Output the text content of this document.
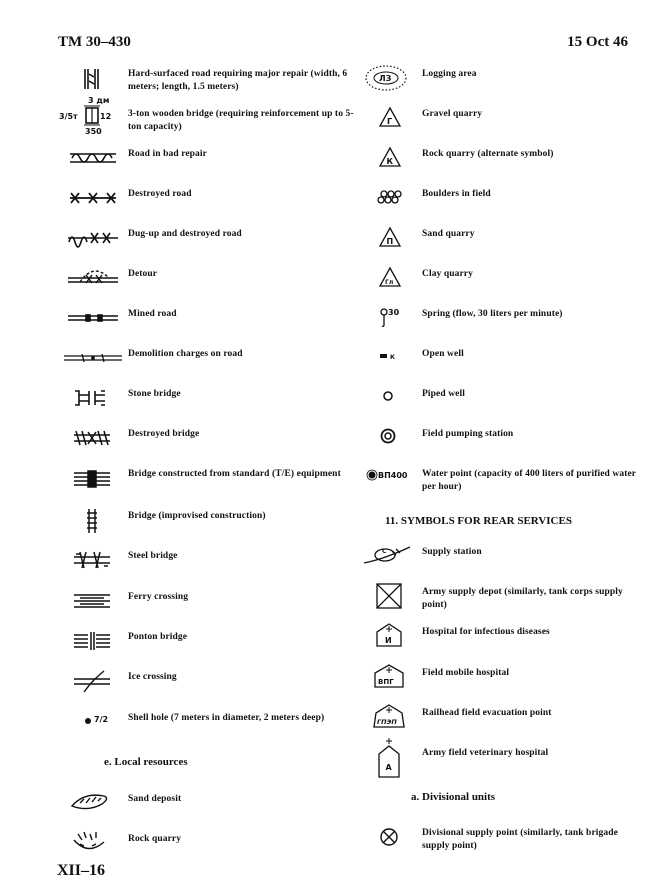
TM 30–430	15 Oct 46
Hard-surfaced road requiring major repair (width, 6 meters; length, 1.5 meters)
3/5т
3 дм
12
350
3-ton wooden bridge (requiring reinforcement up to 5-ton capacity)
Road in bad repair
Destroyed road
Dug-up and destroyed road
Detour
Mined road
Demolition charges on road
Stone bridge
Destroyed bridge
Bridge constructed from standard (T/E) equipment
Bridge (improvised construction)
Steel bridge
Ferry crossing
Ponton bridge
Ice crossing
7/2 Shell hole (7 meters in diameter, 2 meters deep)
e. Local resources
Sand deposit
Rock quarry
ЛЗ	Logging area
Г
Gravel quarry
К
Rock quarry (alternate symbol)
Boulders in field
П
Sand quarry
Гл
Clay quarry
30 Spring (flow, 30 liters per minute)
К	Open well
Piped well
Field pumping station
ВП400 Water point (capacity of 400 liters of purified water per hour)
11. SYMBOLS FOR REAR SERVICES
С	Supply station
Army supply depot (similarly, tank corps supply point)
И
Hospital for infectious diseases
ВПГ
Field mobile hospital
ГПЭП
Railhead field evacuation point
А
Army field veterinary hospital
a. Divisional units
Divisional supply point (similarly, tank brigade supply point)
XII–16
